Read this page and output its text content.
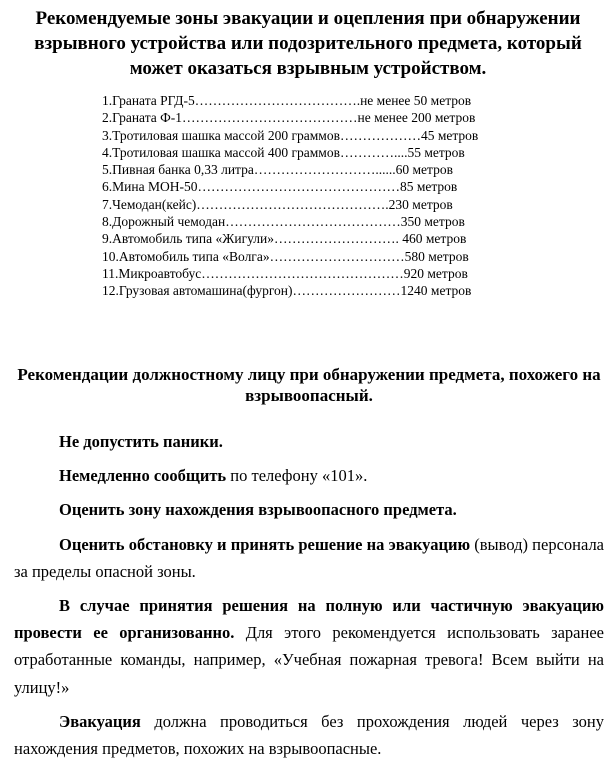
Рекомендуемые зоны эвакуации и оцепления при обнаружении взрывного устройства или подозрительного предмета, который может оказаться взрывным устройством.
1.Граната РГД-5……………………………….не менее 50 метров
2.Граната Ф-1…………………………………не менее 200 метров
3.Тротиловая шашка массой 200 граммов………………45 метров
4.Тротиловая шашка массой 400 граммов…………....55 метров
5.Пивная банка 0,33 литра………………………......60 метров
6.Мина МОН-50………………………………………85 метров
7.Чемодан(кейс)…………………………………….230 метров
8.Дорожный чемодан…………………………………350 метров
9.Автомобиль типа «Жигули»………………………. 460 метров
10.Автомобиль типа «Волга»…………………………580 метров
11.Микроавтобус………………………………………920 метров
12.Грузовая автомашина(фургон)……………………1240 метров
Рекомендации должностному лицу при обнаружении предмета, похожего на взрывоопасный.

Не допустить паники.

Немедленно сообщить по телефону «101».

Оценить зону нахождения взрывоопасного предмета.

Оценить обстановку и принять решение на эвакуацию (вывод) персонала за пределы опасной зоны.

В случае принятия решения на полную или частичную эвакуацию провести ее организованно. Для этого рекомендуется использовать заранее отработанные команды, например, «Учебная пожарная тревога! Всем выйти на улицу!»

Эвакуация должна проводиться без прохождения людей через зону нахождения предметов, похожих на взрывоопасные.
